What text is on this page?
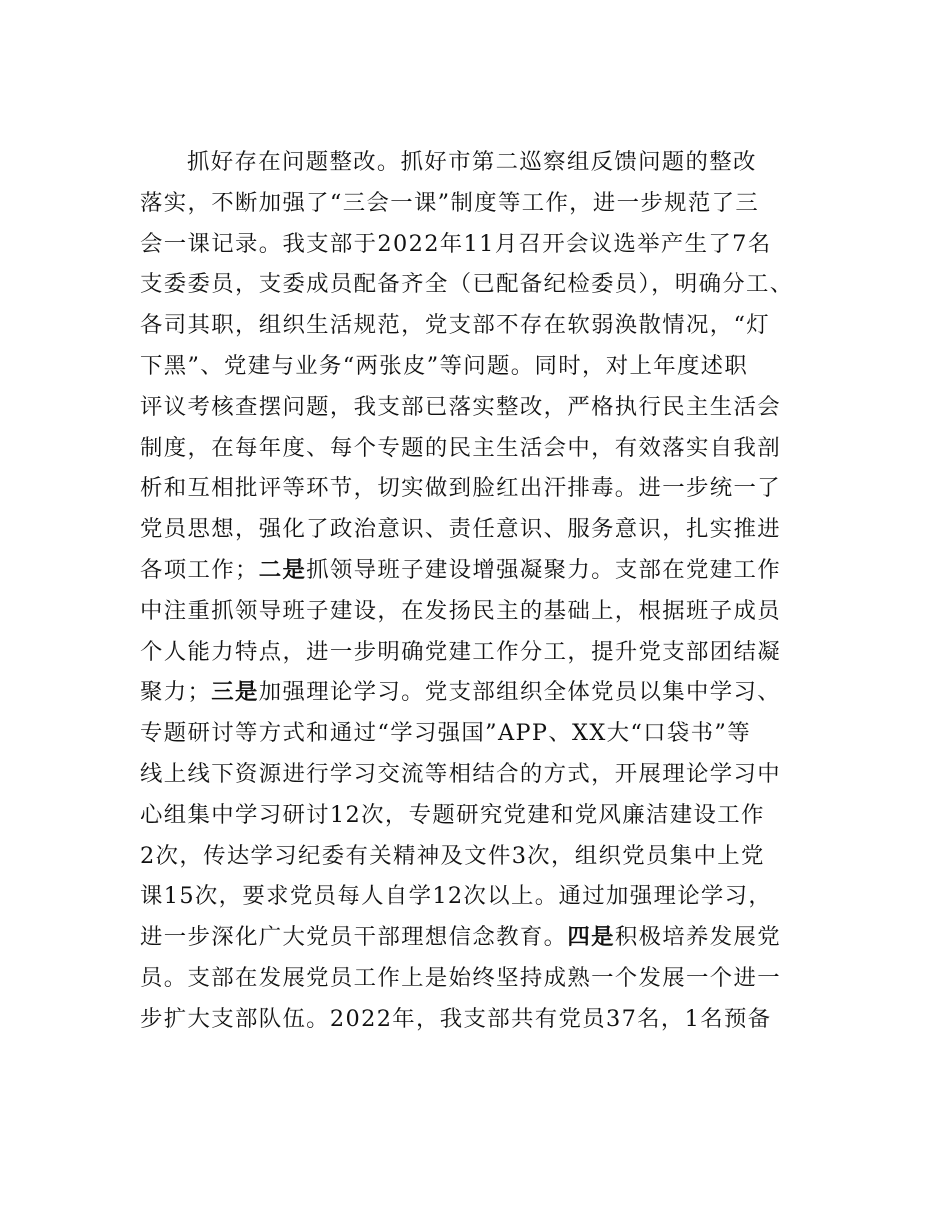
抓好存在问题整改。抓好市第二巡察组反馈问题的整改
落实，不断加强了“三会一课”制度等工作，进一步规范了三
会一课记录。我支部于2022年11月召开会议选举产生了7名
支委委员，支委成员配备齐全（已配备纪检委员），明确分工、
各司其职，组织生活规范，党支部不存在软弱涣散情况，“灯
下黑”、党建与业务“两张皮”等问题。同时，对上年度述职
评议考核查摆问题，我支部已落实整改，严格执行民主生活会
制度，在每年度、每个专题的民主生活会中，有效落实自我剖
析和互相批评等环节，切实做到脸红出汗排毒。进一步统一了
党员思想，强化了政治意识、责任意识、服务意识，扎实推进
各项工作；二是抓领导班子建设增强凝聚力。支部在党建工作
中注重抓领导班子建设，在发扬民主的基础上，根据班子成员
个人能力特点，进一步明确党建工作分工，提升党支部团结凝
聚力；三是加强理论学习。党支部组织全体党员以集中学习、
专题研讨等方式和通过“学习强国”APP、XX大“口袋书”等
线上线下资源进行学习交流等相结合的方式，开展理论学习中
心组集中学习研讨12次，专题研究党建和党风廉洁建设工作
2次，传达学习纪委有关精神及文件3次，组织党员集中上党
课15次，要求党员每人自学12次以上。通过加强理论学习，
进一步深化广大党员干部理想信念教育。四是积极培养发展党
员。支部在发展党员工作上是始终坚持成熟一个发展一个进一
步扩大支部队伍。2022年，我支部共有党员37名，1名预备
